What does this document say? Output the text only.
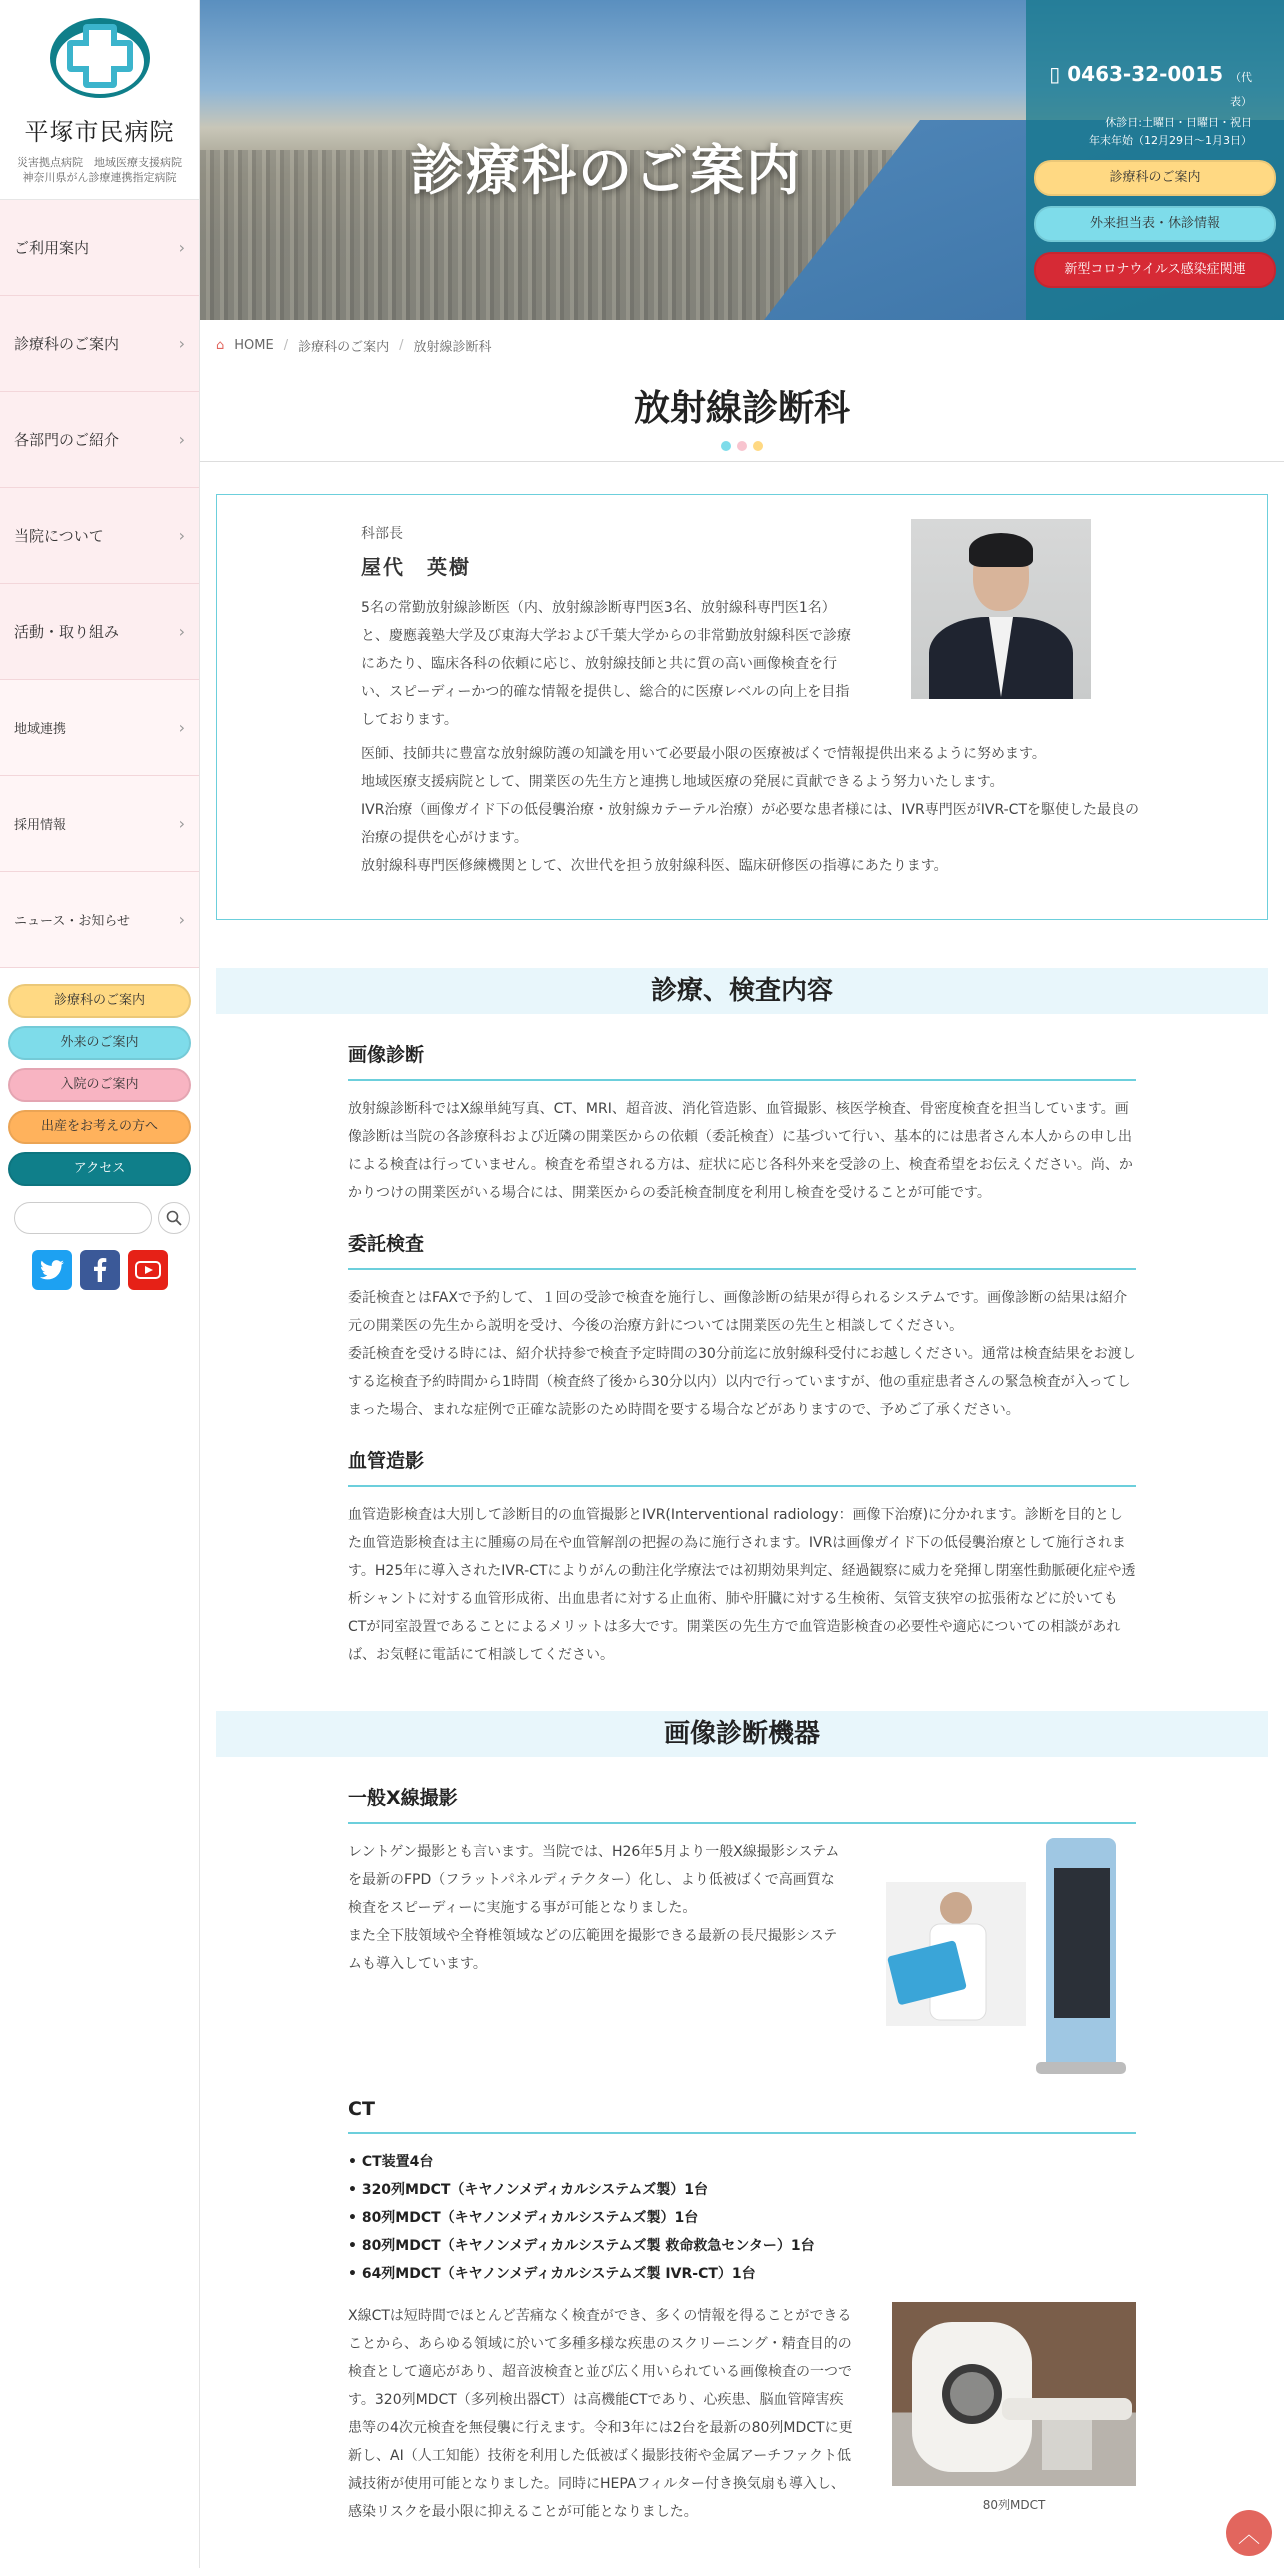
平塚市民病院
災害拠点病院　地域医療支援病院
神奈川県がん診療連携指定病院
ご利用案内	›
診療科のご案内	›
各部門のご紹介	›
当院について	›
活動・取り組み	›
地域連携	›
採用情報	›
ニュース・お知らせ	›
診療科のご案内
外来のご案内
入院のご案内
出産をお考えの方へ
アクセス
診療科のご案内
▯ 0463-32-0015 （代表）
休診日:土曜日・日曜日・祝日
年末年始（12月29日〜1月3日）
診療科のご案内
外来担当表・休診情報
新型コロナウイルス感染症関連
⌂ HOME / 診療科のご案内 / 放射線診断科
放射線診断科
科部長
屋代　英樹

5名の常勤放射線診断医（内、放射線診断専門医3名、放射線科専門医1名）と、慶應義塾大学及び東海大学および千葉大学からの非常勤放射線科医で診療にあたり、臨床各科の依頼に応じ、放射線技師と共に質の高い画像検査を行い、スピーディーかつ的確な情報を提供し、総合的に医療レベルの向上を目指しております。

医師、技師共に豊富な放射線防護の知識を用いて必要最小限の医療被ばくで情報提供出来るように努めます。

地域医療支援病院として、開業医の先生方と連携し地域医療の発展に貢献できるよう努力いたします。

IVR治療（画像ガイド下の低侵襲治療・放射線カテーテル治療）が必要な患者様には、IVR専門医がIVR-CTを駆使した最良の治療の提供を心がけます。

放射線科専門医修練機関として、次世代を担う放射線科医、臨床研修医の指導にあたります。

診療、検査内容
画像診断

放射線診断科ではX線単純写真、CT、MRI、超音波、消化管造影、血管撮影、核医学検査、骨密度検査を担当しています。画像診断は当院の各診療科および近隣の開業医からの依頼（委託検査）に基づいて行い、基本的には患者さん本人からの申し出による検査は行っていません。検査を希望される方は、症状に応じ各科外来を受診の上、検査希望をお伝えください。尚、かかりつけの開業医がいる場合には、開業医からの委託検査制度を利用し検査を受けることが可能です。

委託検査

委託検査とはFAXで予約して、１回の受診で検査を施行し、画像診断の結果が得られるシステムです。画像診断の結果は紹介元の開業医の先生から説明を受け、今後の治療方針については開業医の先生と相談してください。

委託検査を受ける時には、紹介状持参で検査予定時間の30分前迄に放射線科受付にお越しください。通常は検査結果をお渡しする迄検査予約時間から1時間（検査終了後から30分以内）以内で行っていますが、他の重症患者さんの緊急検査が入ってしまった場合、まれな症例で正確な読影のため時間を要する場合などがありますので、予めご了承ください。

血管造影

血管造影検査は大別して診断目的の血管撮影とIVR(Interventional radiology：画像下治療)に分かれます。診断を目的とした血管造影検査は主に腫瘍の局在や血管解剖の把握の為に施行されます。IVRは画像ガイド下の低侵襲治療として施行されます。H25年に導入されたIVR-CTによりがんの動注化学療法では初期効果判定、経過観察に威力を発揮し閉塞性動脈硬化症や透析シャントに対する血管形成術、出血患者に対する止血術、肺や肝臓に対する生検術、気管支狭窄の拡張術などに於いてもCTが同室設置であることによるメリットは多大です。開業医の先生方で血管造影検査の必要性や適応についての相談があれば、お気軽に電話にて相談してください。

画像診断機器
一般X線撮影

レントゲン撮影とも言います。当院では、H26年5月より一般X線撮影システムを最新のFPD（フラットパネルディテクター）化し、より低被ばくで高画質な検査をスピーディーに実施する事が可能となりました。

また全下肢領域や全脊椎領域などの広範囲を撮影できる最新の長尺撮影システムも導入しています。

CT
• CT装置4台
• 320列MDCT（キヤノンメディカルシステムズ製）1台
• 80列MDCT（キヤノンメディカルシステムズ製）1台
• 80列MDCT（キヤノンメディカルシステムズ製 救命救急センター）1台
• 64列MDCT（キヤノンメディカルシステムズ製 IVR-CT）1台

X線CTは短時間でほとんど苦痛なく検査ができ、多くの情報を得ることができることから、あらゆる領域に於いて多種多様な疾患のスクリーニング・精査目的の検査として適応があり、超音波検査と並び広く用いられている画像検査の一つです。320列MDCT（多列検出器CT）は高機能CTであり、心疾患、脳血管障害疾患等の4次元検査を無侵襲に行えます。令和3年には2台を最新の80列MDCTに更新し、AI（人工知能）技術を利用した低被ばく撮影技術や金属アーチファクト低減技術が使用可能となりました。同時にHEPAフィルター付き換気扇も導入し、感染リスクを最小限に抑えることが可能となりました。	80列MDCT
︿
